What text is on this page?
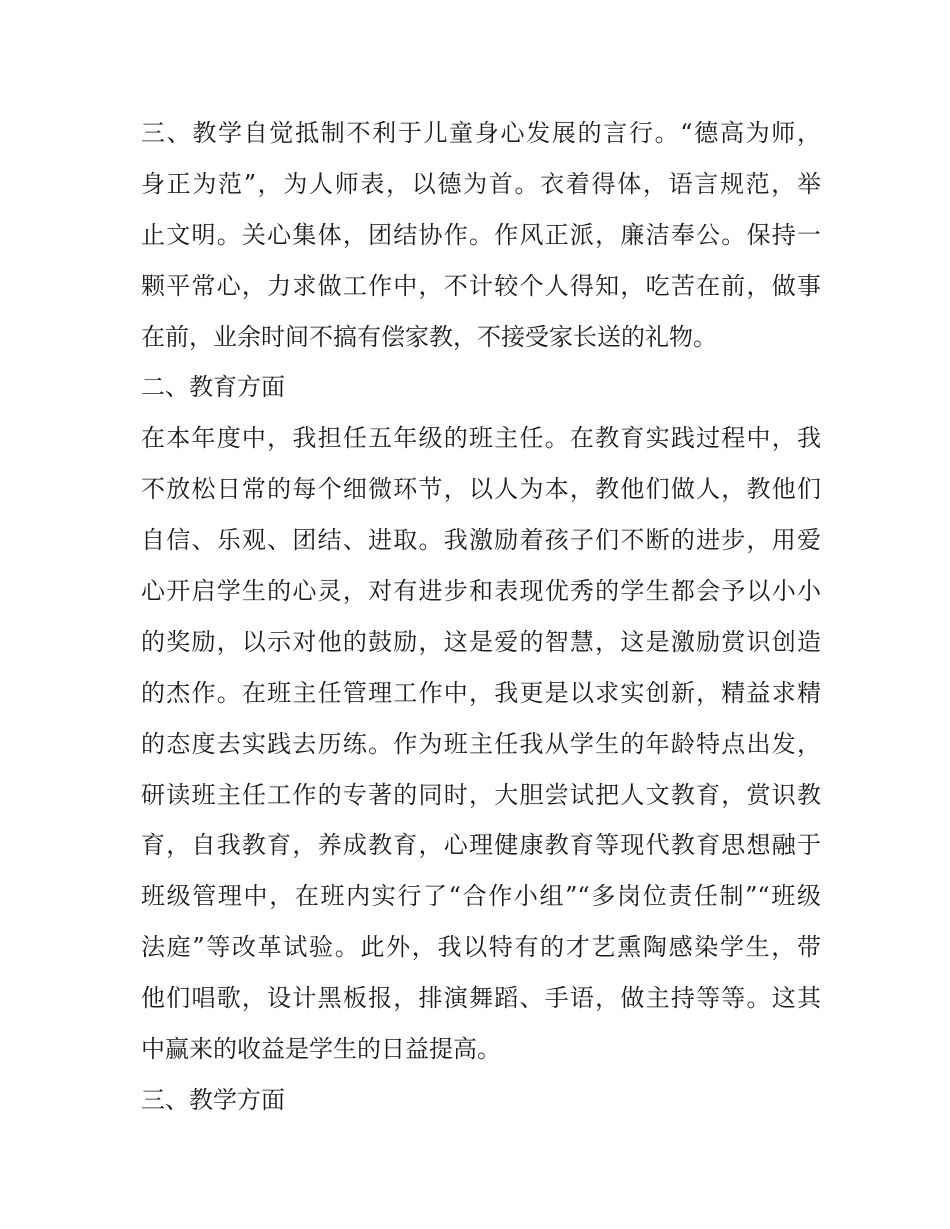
三、教学自觉抵制不利于儿童身心发展的言行。“德高为师，
身正为范”，为人师表，以德为首。衣着得体，语言规范，举
止文明。关心集体，团结协作。作风正派，廉洁奉公。保持一
颗平常心，力求做工作中，不计较个人得知，吃苦在前，做事
在前，业余时间不搞有偿家教，不接受家长送的礼物。
二、教育方面
在本年度中，我担任五年级的班主任。在教育实践过程中，我
不放松日常的每个细微环节，以人为本，教他们做人，教他们
自信、乐观、团结、进取。我激励着孩子们不断的进步，用爱
心开启学生的心灵，对有进步和表现优秀的学生都会予以小小
的奖励，以示对他的鼓励，这是爱的智慧，这是激励赏识创造
的杰作。在班主任管理工作中，我更是以求实创新，精益求精
的态度去实践去历练。作为班主任我从学生的年龄特点出发，
研读班主任工作的专著的同时，大胆尝试把人文教育，赏识教
育，自我教育，养成教育，心理健康教育等现代教育思想融于
班级管理中，在班内实行了“合作小组”“多岗位责任制”“班级
法庭”等改革试验。此外，我以特有的才艺熏陶感染学生，带
他们唱歌，设计黑板报，排演舞蹈、手语，做主持等等。这其
中赢来的收益是学生的日益提高。
三、教学方面
